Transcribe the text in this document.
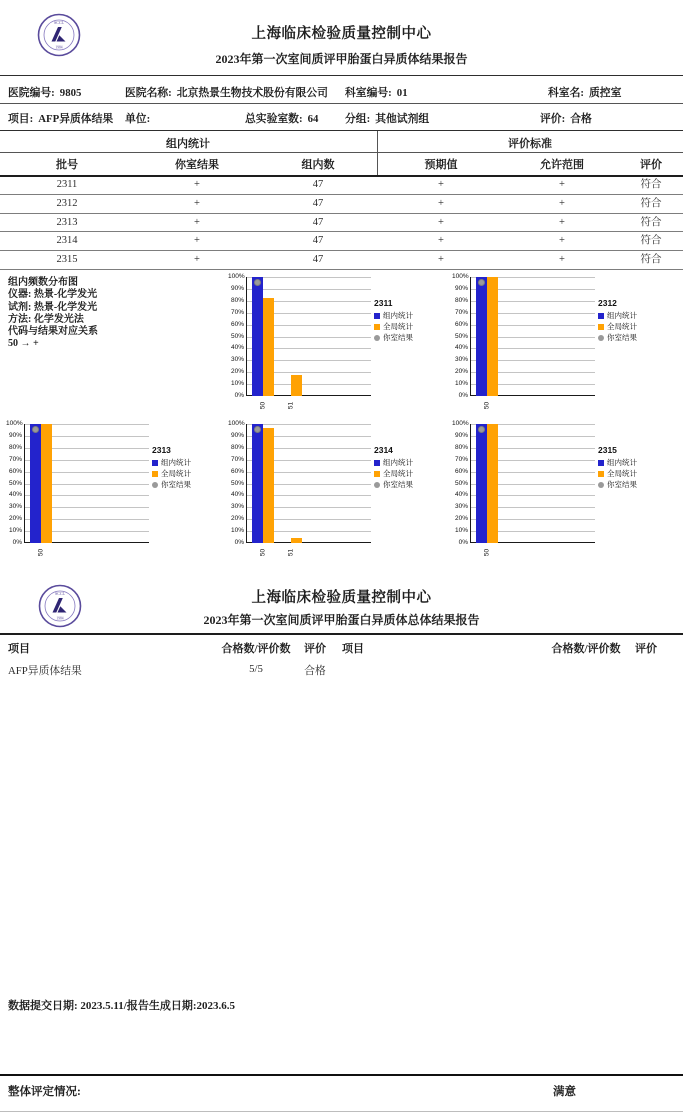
SCCL
1984
上海临床检验质量控制中心
2023年第一次室间质评甲胎蛋白异质体结果报告
医院编号: 9805	医院名称: 北京热景生物技术股份有限公司 科室编号: 01	科室名: 质控室
项目: AFP异质体结果 单位:	总实验室数: 64 分组: 其他试剂组	评价: 合格
组内统计	评价标准
批号	你室结果	组内数	预期值	允许范围	评价
2311	+	47	+	+	符合
2312	+	47	+	+	符合
2313	+	47	+	+	符合
2314	+	47	+	+	符合
2315	+	47	+	+	符合
组内频数分布图
仪器: 热景-化学发光
试剂: 热景-化学发光
方法: 化学发光法
代码与结果对应关系
50 → +
0%
10%
20%
30%
40%
50%
60%
70%
80%
90%
100%
50	51
2311
组内统计
全局统计
你室结果
0%
10%
20%
30%
40%
50%
60%
70%
80%
90%
100%
50
2312
组内统计
全局统计
你室结果
0%
10%
20%
30%
40%
50%
60%
70%
80%
90%
100%
50
2313
组内统计
全局统计
你室结果
0%
10%
20%
30%
40%
50%
60%
70%
80%
90%
100%
50	51
2314
组内统计
全局统计
你室结果
0%
10%
20%
30%
40%
50%
60%
70%
80%
90%
100%
50
2315
组内统计
全局统计
你室结果
SCCL
1984
上海临床检验质量控制中心
2023年第一次室间质评甲胎蛋白异质体总体结果报告
项目	合格数/评价数 评价 项目	合格数/评价数 评价
AFP异质体结果	5/5	合格
数据提交日期: 2023.5.11/报告生成日期:2023.6.5
整体评定情况:	满意
